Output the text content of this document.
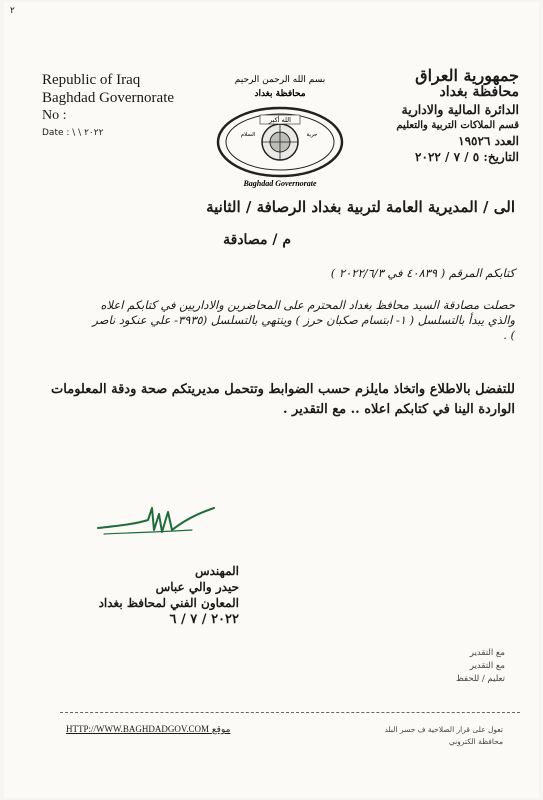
٢
Republic of Iraq
Baghdad Governorate
No :
Date : \ \ ٢٠٢٢
جمهورية العراق
محافظة بغداد
الدائرة المالية والادارية
قسم الملاكات التربية والتعليم
العدد ١٩٥٢٦
التاريخ: ٥ / ٧ / ٢٠٢٢
بسم الله الرحمن الرحيم
محافظة بغداد
الله أكبر
السلام	حرية
Baghdad Governorate
الى / المديرية العامة لتربية بغداد الرصافة / الثانية
م / مصادقة
كتابكم المرقم ( ٤٠٨٣٩ في ٢٠٢٢/٦/٣ )
حصلت مصادقة السيد محافظ بغداد المحترم على المحاضرين والاداريين في كتابكم اعلاه والذي يبدأ بالتسلسل ( ١- ابتسام صكبان حرز ) وينتهي بالتسلسل (٣٩٣٥- علي عنكود ناصر ) .
للتفضل بالاطلاع واتخاذ مايلزم حسب الضوابط وتتحمل مديريتكم صحة ودقة المعلومات الواردة الينا في كتابكم اعلاه .. مع التقدير .
المهندس
حيدر والي عباس
المعاون الفني لمحافظ بغداد
٢٠٢٢ / ٧ / ٦
مع التقدير
مع التقدير
تعليم / للحفظ
HTTP://WWW.BAGHDADGOV.COM موقع	تعول على قرار الصلاحية ف حسر البلد
محافظة الكتروني
